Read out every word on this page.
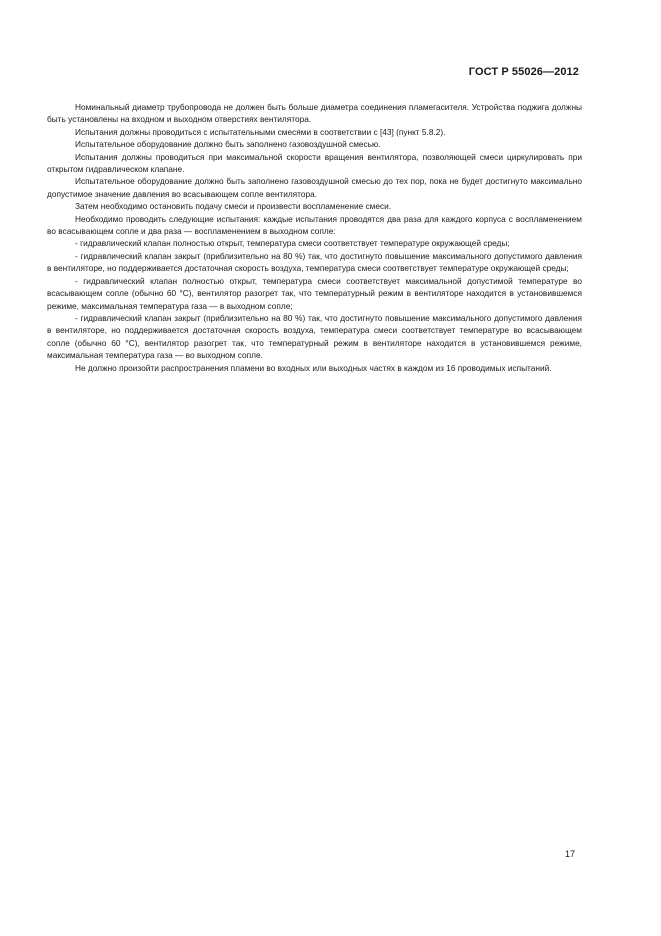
ГОСТ Р 55026—2012

Номинальный диаметр трубопровода не должен быть больше диаметра соединения пламегасителя. Устройства поджига должны быть установлены на входном и выходном отверстиях вентилятора.

Испытания должны проводиться с испытательными смесями в соответствии с [43] (пункт 5.8.2).

Испытательное оборудование должно быть заполнено газовоздушной смесью.

Испытания должны проводиться при максимальной скорости вращения вентилятора, позволяющей смеси циркулировать при открытом гидравлическом клапане.

Испытательное оборудование должно быть заполнено газовоздушной смесью до тех пор, пока не будет достигнуто максимально допустимое значение давления во всасывающем сопле вентилятора.

Затем необходимо остановить подачу смеси и произвести воспламенение смеси.

Необходимо проводить следующие испытания: каждые испытания проводятся два раза для каждого корпуса с воспламенением во всасывающем сопле и два раза — воспламенением в выходном сопле:

- гидравлический клапан полностью открыт, температура смеси соответствует температуре окружающей среды;

- гидравлический клапан закрыт (приблизительно на 80 %) так, что достигнуто повышение максимального допустимого давления в вентиляторе, но поддерживается достаточная скорость воздуха, температура смеси соответствует температуре окружающей среды;

- гидравлический клапан полностью открыт, температура смеси соответствует максимальной допустимой температуре во всасывающем сопле (обычно 60 °С), вентилятор разогрет так, что температурный режим в вентиляторе находится в установившемся режиме, максимальная температура газа — в выходном сопле;

- гидравлический клапан закрыт (приблизительно на 80 %) так, что достигнуто повышение максимального допустимого давления в вентиляторе, но поддерживается достаточная скорость воздуха, температура смеси соответствует температуре во всасывающем сопле (обычно 60 °С), вентилятор разогрет так, что температурный режим в вентиляторе находится в установившемся режиме, максимальная температура газа — во выходном сопле.

Не должно произойти распространения пламени во входных или выходных частях в каждом из 16 проводимых испытаний.

17
